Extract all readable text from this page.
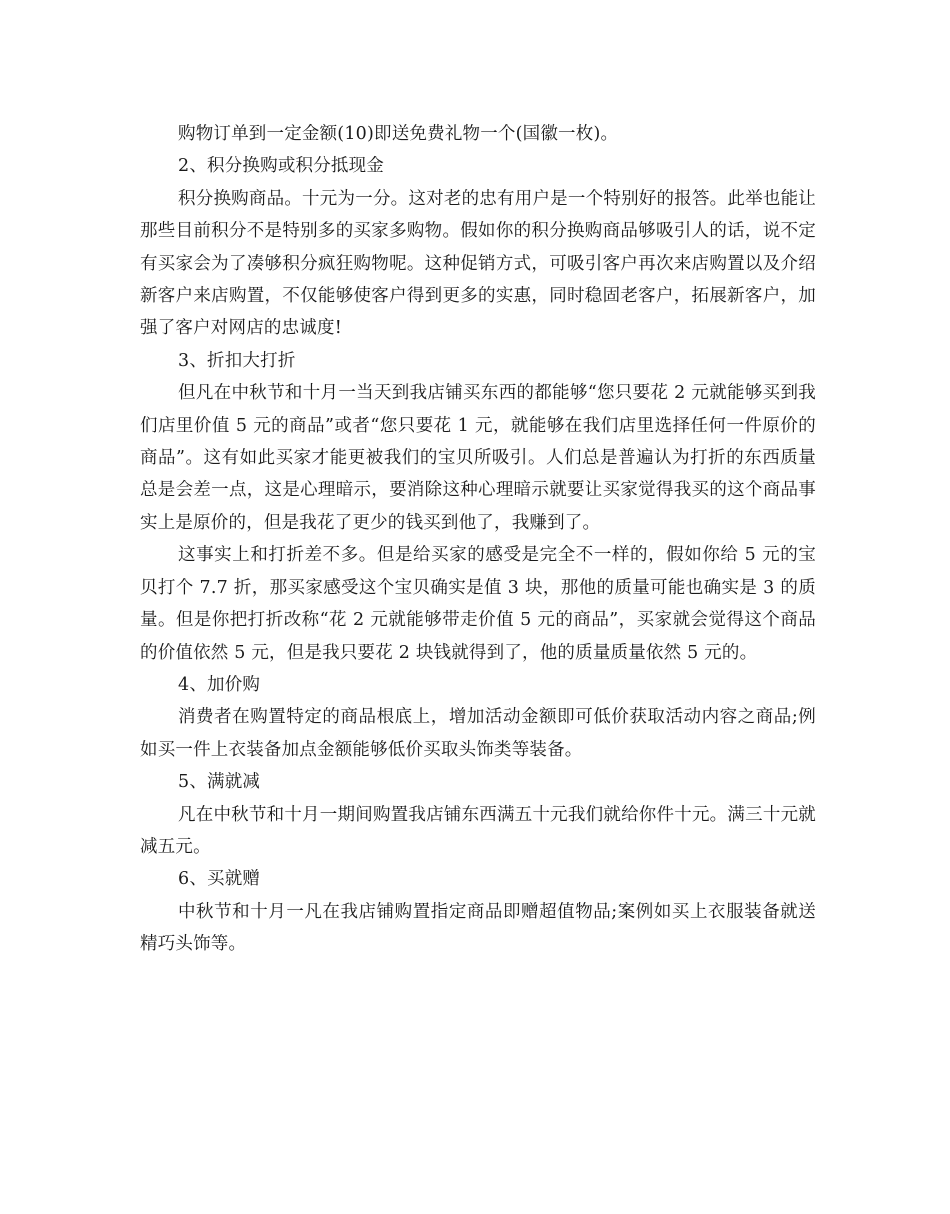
购物订单到一定金额(10)即送免费礼物一个(国徽一枚)。

2、积分换购或积分抵现金

积分换购商品。十元为一分。这对老的忠有用户是一个特别好的报答。此举也能让那些目前积分不是特别多的买家多购物。假如你的积分换购商品够吸引人的话，说不定有买家会为了凑够积分疯狂购物呢。这种促销方式，可吸引客户再次来店购置以及介绍新客户来店购置，不仅能够使客户得到更多的实惠，同时稳固老客户，拓展新客户，加强了客户对网店的忠诚度!

3、折扣大打折

但凡在中秋节和十月一当天到我店铺买东西的都能够“您只要花 2 元就能够买到我们店里价值 5 元的商品”或者“您只要花 1 元，就能够在我们店里选择任何一件原价的商品”。这有如此买家才能更被我们的宝贝所吸引。人们总是普遍认为打折的东西质量总是会差一点，这是心理暗示，要消除这种心理暗示就要让买家觉得我买的这个商品事实上是原价的，但是我花了更少的钱买到他了，我赚到了。

这事实上和打折差不多。但是给买家的感受是完全不一样的，假如你给 5 元的宝贝打个 7.7 折，那买家感受这个宝贝确实是值 3 块，那他的质量可能也确实是 3 的质量。但是你把打折改称“花 2 元就能够带走价值 5 元的商品”，买家就会觉得这个商品的价值依然 5 元，但是我只要花 2 块钱就得到了，他的质量质量依然 5 元的。

4、加价购

消费者在购置特定的商品根底上，增加活动金额即可低价获取活动内容之商品;例如买一件上衣装备加点金额能够低价买取头饰类等装备。

5、满就减

凡在中秋节和十月一期间购置我店铺东西满五十元我们就给你件十元。满三十元就减五元。

6、买就赠

中秋节和十月一凡在我店铺购置指定商品即赠超值物品;案例如买上衣服装备就送精巧头饰等。
